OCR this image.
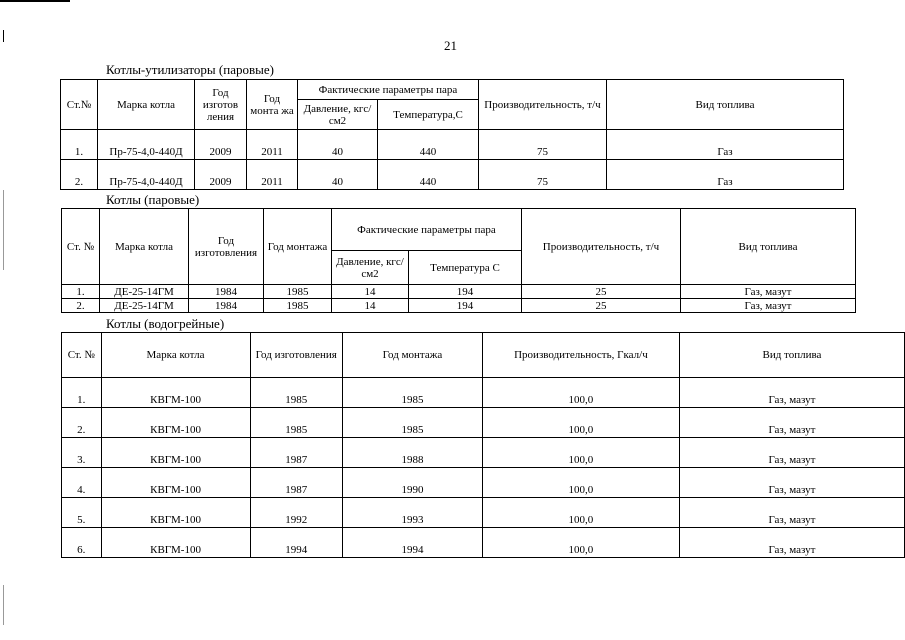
21
Котлы-утилизаторы (паровые)
Ст.№	Марка котла	Год изготов ления	Год монта жа	Фактические параметры пара		Производительность, т/ч	Вид топлива
				Давление, кгс/см2	Температура,С		
1.	Пр-75-4,0-440Д	2009	2011	40	440	75	Газ
2.	Пр-75-4,0-440Д	2009	2011	40	440	75	Газ
Котлы (паровые)
Ст. №	Марка котла	Год изготовления	Год монтажа	Фактические параметры пара		Производительность, т/ч	Вид топлива
				Давление, кгс/см2	Температура С		
1.	ДЕ-25-14ГМ	1984	1985	14	194	25	Газ, мазут
2.	ДЕ-25-14ГМ	1984	1985	14	194	25	Газ, мазут
Котлы (водогрейные)
Ст. №	Марка котла	Год изготовления	Год монтажа	Производительность, Гкал/ч	Вид топлива
1.	КВГМ-100	1985	1985	100,0	Газ, мазут
2.	КВГМ-100	1985	1985	100,0	Газ, мазут
3.	КВГМ-100	1987	1988	100,0	Газ, мазут
4.	КВГМ-100	1987	1990	100,0	Газ, мазут
5.	КВГМ-100	1992	1993	100,0	Газ, мазут
6.	КВГМ-100	1994	1994	100,0	Газ, мазут
